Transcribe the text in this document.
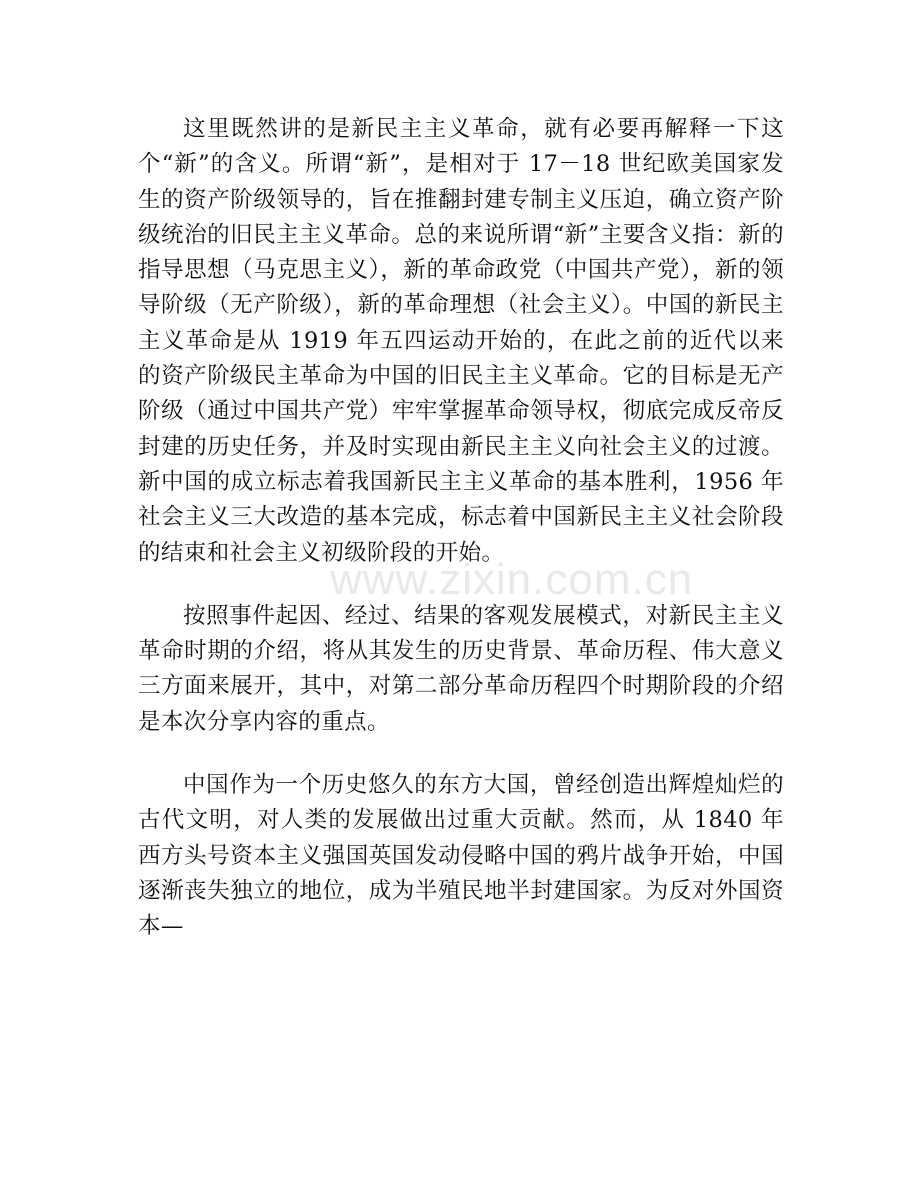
www.zixin.com.cn

这里既然讲的是新民主主义革命，就有必要再解释一下这个“新”的含义。所谓“新”，是相对于 17－18 世纪欧美国家发生的资产阶级领导的，旨在推翻封建专制主义压迫，确立资产阶级统治的旧民主主义革命。总的来说所谓“新”主要含义指：新的指导思想（马克思主义），新的革命政党（中国共产党），新的领导阶级（无产阶级），新的革命理想（社会主义）。中国的新民主主义革命是从 1919 年五四运动开始的，在此之前的近代以来的资产阶级民主革命为中国的旧民主主义革命。它的目标是无产阶级（通过中国共产党）牢牢掌握革命领导权，彻底完成反帝反封建的历史任务，并及时实现由新民主主义向社会主义的过渡。新中国的成立标志着我国新民主主义革命的基本胜利，1956 年社会主义三大改造的基本完成，标志着中国新民主主义社会阶段的结束和社会主义初级阶段的开始。

按照事件起因、经过、结果的客观发展模式，对新民主主义革命时期的介绍，将从其发生的历史背景、革命历程、伟大意义三方面来展开，其中，对第二部分革命历程四个时期阶段的介绍是本次分享内容的重点。

中国作为一个历史悠久的东方大国，曾经创造出辉煌灿烂的古代文明，对人类的发展做出过重大贡献。然而，从 1840 年西方头号资本主义强国英国发动侵略中国的鸦片战争开始，中国逐渐丧失独立的地位，成为半殖民地半封建国家。为反对外国资本—
